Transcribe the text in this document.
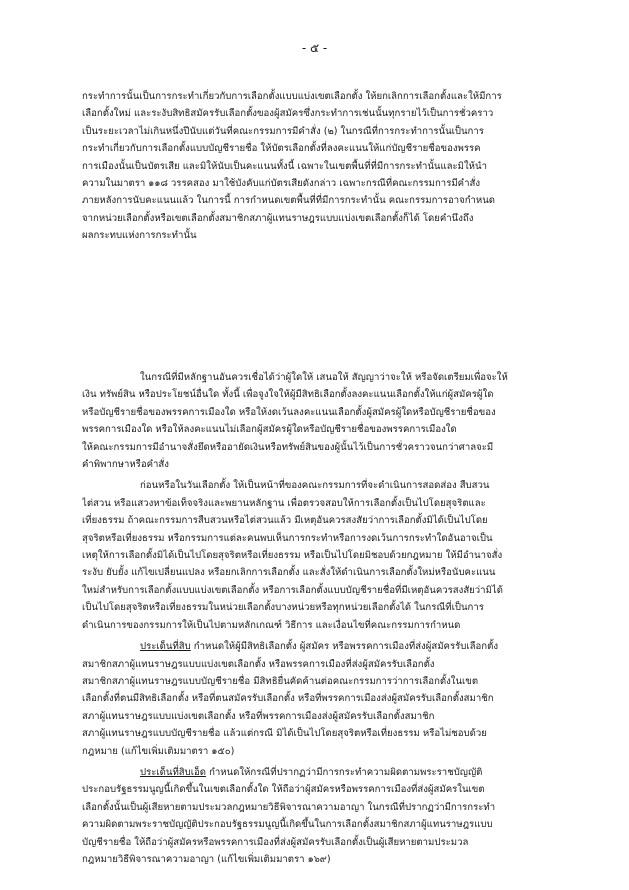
- ๕ -
กระทำการนั้นเป็นการกระทำเกี่ยวกับการเลือกตั้งแบบแบ่งเขตเลือกตั้ง ให้ยกเลิกการเลือกตั้งและให้มีการ
เลือกตั้งใหม่ และระงับสิทธิสมัครรับเลือกตั้งของผู้สมัครซึ่งกระทำการเช่นนั้นทุกรายไว้เป็นการชั่วคราว
เป็นระยะเวลาไม่เกินหนึ่งปีนับแต่วันที่คณะกรรมการมีคำสั่ง (๒) ในกรณีที่การกระทำการนั้นเป็นการ
กระทำเกี่ยวกับการเลือกตั้งแบบบัญชีรายชื่อ ให้บัตรเลือกตั้งที่ลงคะแนนให้แก่บัญชีรายชื่อของพรรค
การเมืองนั้นเป็นบัตรเสีย และมิให้นับเป็นคะแนนทั้งนี้ เฉพาะในเขตพื้นที่ที่มีการกระทำนั้นและมิให้นำ
ความในมาตรา ๑๑๘ วรรคสอง มาใช้บังคับแก่บัตรเสียดังกล่าว เฉพาะกรณีที่คณะกรรมการมีคำสั่ง
ภายหลังการนับคะแนนแล้ว ในการนี้ การกำหนดเขตพื้นที่ที่มีการกระทำนั้น คณะกรรมการอาจกำหนด
จากหน่วยเลือกตั้งหรือเขตเลือกตั้งสมาชิกสภาผู้แทนราษฎรแบบแบ่งเขตเลือกตั้งก็ได้ โดยคำนึงถึง
ผลกระทบแห่งการกระทำนั้น
ในกรณีที่มีหลักฐานอันควรเชื่อได้ว่าผู้ใดให้ เสนอให้ สัญญาว่าจะให้ หรือจัดเตรียมเพื่อจะให้
เงิน ทรัพย์สิน หรือประโยชน์อื่นใด ทั้งนี้ เพื่อจูงใจให้ผู้มีสิทธิเลือกตั้งลงคะแนนเลือกตั้งให้แก่ผู้สมัครผู้ใด
หรือบัญชีรายชื่อของพรรคการเมืองใด หรือให้งดเว้นลงคะแนนเลือกตั้งผู้สมัครผู้ใดหรือบัญชีรายชื่อของ
พรรคการเมืองใด หรือให้ลงคะแนนไม่เลือกผู้สมัครผู้ใดหรือบัญชีรายชื่อของพรรคการเมืองใด
ให้คณะกรรมการมีอำนาจสั่งยึดหรืออายัดเงินหรือทรัพย์สินของผู้นั้นไว้เป็นการชั่วคราวจนกว่าศาลจะมี
คำพิพากษาหรือคำสั่ง
ก่อนหรือในวันเลือกตั้ง ให้เป็นหน้าที่ของคณะกรรมการที่จะดำเนินการสอดส่อง สืบสวน
ไต่สวน หรือแสวงหาข้อเท็จจริงและพยานหลักฐาน เพื่อตรวจสอบให้การเลือกตั้งเป็นไปโดยสุจริตและ
เที่ยงธรรม ถ้าคณะกรรมการสืบสวนหรือไต่สวนแล้ว มีเหตุอันควรสงสัยว่าการเลือกตั้งมิได้เป็นไปโดย
สุจริตหรือเที่ยงธรรม หรือกรรมการแต่ละคนพบเห็นการกระทำหรือการงดเว้นการกระทำใดอันอาจเป็น
เหตุให้การเลือกตั้งมิได้เป็นไปโดยสุจริตหรือเที่ยงธรรม หรือเป็นไปโดยมิชอบด้วยกฎหมาย ให้มีอำนาจสั่ง
ระงับ ยับยั้ง แก้ไขเปลี่ยนแปลง หรือยกเลิกการเลือกตั้ง และสั่งให้ดำเนินการเลือกตั้งใหม่หรือนับคะแนน
ใหม่สำหรับการเลือกตั้งแบบแบ่งเขตเลือกตั้ง หรือการเลือกตั้งแบบบัญชีรายชื่อที่มีเหตุอันควรสงสัยว่ามิได้
เป็นไปโดยสุจริตหรือเที่ยงธรรมในหน่วยเลือกตั้งบางหน่วยหรือทุกหน่วยเลือกตั้งได้ ในกรณีที่เป็นการ
ดำเนินการของกรรมการให้เป็นไปตามหลักเกณฑ์ วิธีการ และเงื่อนไขที่คณะกรรมการกำหนด
ประเด็นที่สิบ กำหนดให้ผู้มีสิทธิเลือกตั้ง ผู้สมัคร หรือพรรคการเมืองที่ส่งผู้สมัครรับเลือกตั้ง
สมาชิกสภาผู้แทนราษฎรแบบแบ่งเขตเลือกตั้ง หรือพรรคการเมืองที่ส่งผู้สมัครรับเลือกตั้ง
สมาชิกสภาผู้แทนราษฎรแบบบัญชีรายชื่อ มีสิทธิยื่นคัดค้านต่อคณะกรรมการว่าการเลือกตั้งในเขต
เลือกตั้งที่ตนมีสิทธิเลือกตั้ง หรือที่ตนสมัครรับเลือกตั้ง หรือที่พรรคการเมืองส่งผู้สมัครรับเลือกตั้งสมาชิก
สภาผู้แทนราษฎรแบบแบ่งเขตเลือกตั้ง หรือที่พรรคการเมืองส่งผู้สมัครรับเลือกตั้งสมาชิก
สภาผู้แทนราษฎรแบบบัญชีรายชื่อ แล้วแต่กรณี มิได้เป็นไปโดยสุจริตหรือเที่ยงธรรม หรือไม่ชอบด้วย
กฎหมาย (แก้ไขเพิ่มเติมมาตรา ๑๕๐)
ประเด็นที่สิบเอ็ด กำหนดให้กรณีที่ปรากฏว่ามีการกระทำความผิดตามพระราชบัญญัติ
ประกอบรัฐธรรมนูญนี้เกิดขึ้นในเขตเลือกตั้งใด ให้ถือว่าผู้สมัครหรือพรรคการเมืองที่ส่งผู้สมัครในเขต
เลือกตั้งนั้นเป็นผู้เสียหายตามประมวลกฎหมายวิธีพิจารณาความอาญา ในกรณีที่ปรากฏว่ามีการกระทำ
ความผิดตามพระราชบัญญัติประกอบรัฐธรรมนูญนี้เกิดขึ้นในการเลือกตั้งสมาชิกสภาผู้แทนราษฎรแบบ
บัญชีรายชื่อ ให้ถือว่าผู้สมัครหรือพรรคการเมืองที่ส่งผู้สมัครรับเลือกตั้งเป็นผู้เสียหายตามประมวล
กฎหมายวิธีพิจารณาความอาญา (แก้ไขเพิ่มเติมมาตรา ๑๖๙)
